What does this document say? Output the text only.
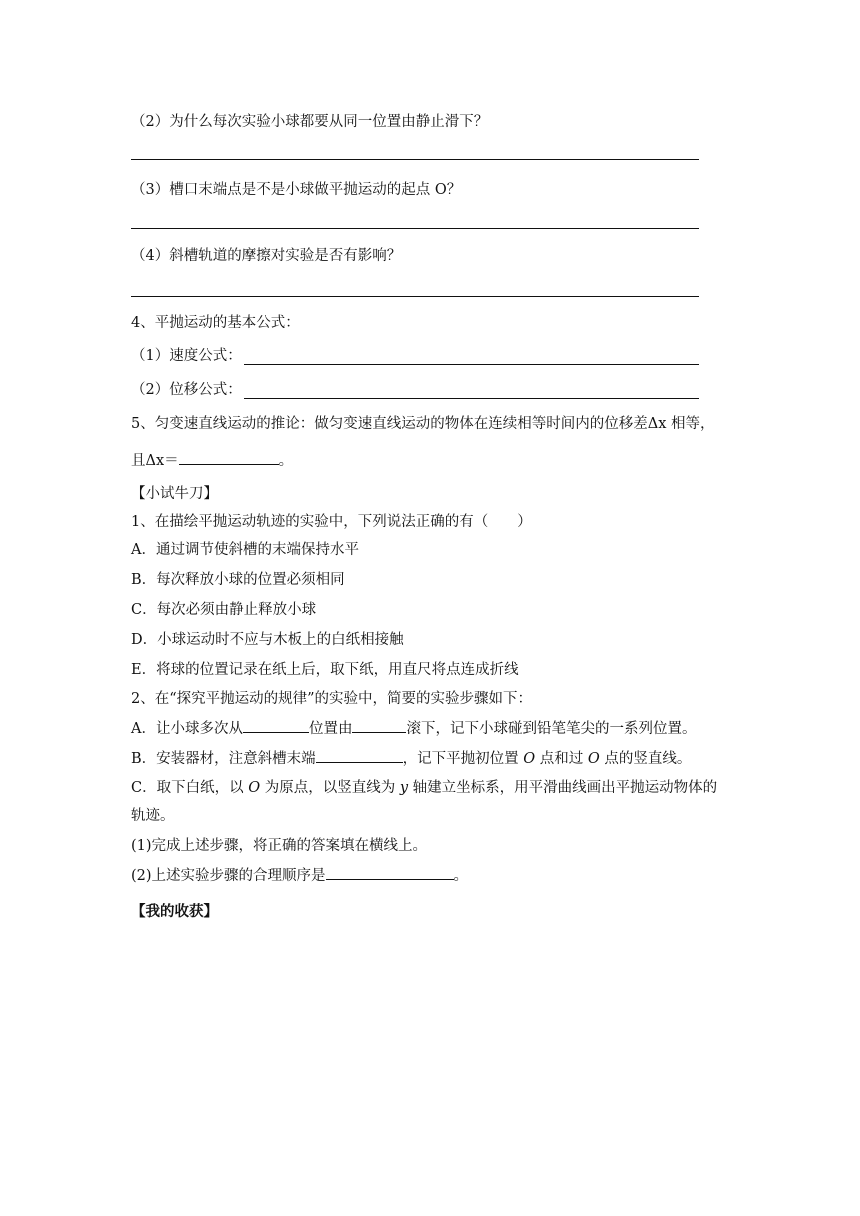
（2）为什么每次实验小球都要从同一位置由静止滑下？
（3）槽口末端点是不是小球做平抛运动的起点 O？
（4）斜槽轨道的摩擦对实验是否有影响？
4、平抛运动的基本公式：
（1）速度公式：
（2）位移公式：
5、匀变速直线运动的推论：做匀变速直线运动的物体在连续相等时间内的位移差Δx 相等，
且Δx＝	。
【小试牛刀】
1、在描绘平抛运动轨迹的实验中，下列说法正确的有（　　）
A．通过调节使斜槽的末端保持水平
B．每次释放小球的位置必须相同
C．每次必须由静止释放小球
D．小球运动时不应与木板上的白纸相接触
E．将球的位置记录在纸上后，取下纸，用直尺将点连成折线
2、在“探究平抛运动的规律”的实验中，简要的实验步骤如下：
A．让小球多次从	位置由	滚下，记下小球碰到铅笔笔尖的一系列位置。
B．安装器材，注意斜槽末端	，记下平抛初位置 O 点和过 O 点的竖直线。
C．取下白纸，以 O 为原点，以竖直线为 y 轴建立坐标系，用平滑曲线画出平抛运动物体的
轨迹。
(1)完成上述步骤，将正确的答案填在横线上。
(2)上述实验步骤的合理顺序是	。
【我的收获】
